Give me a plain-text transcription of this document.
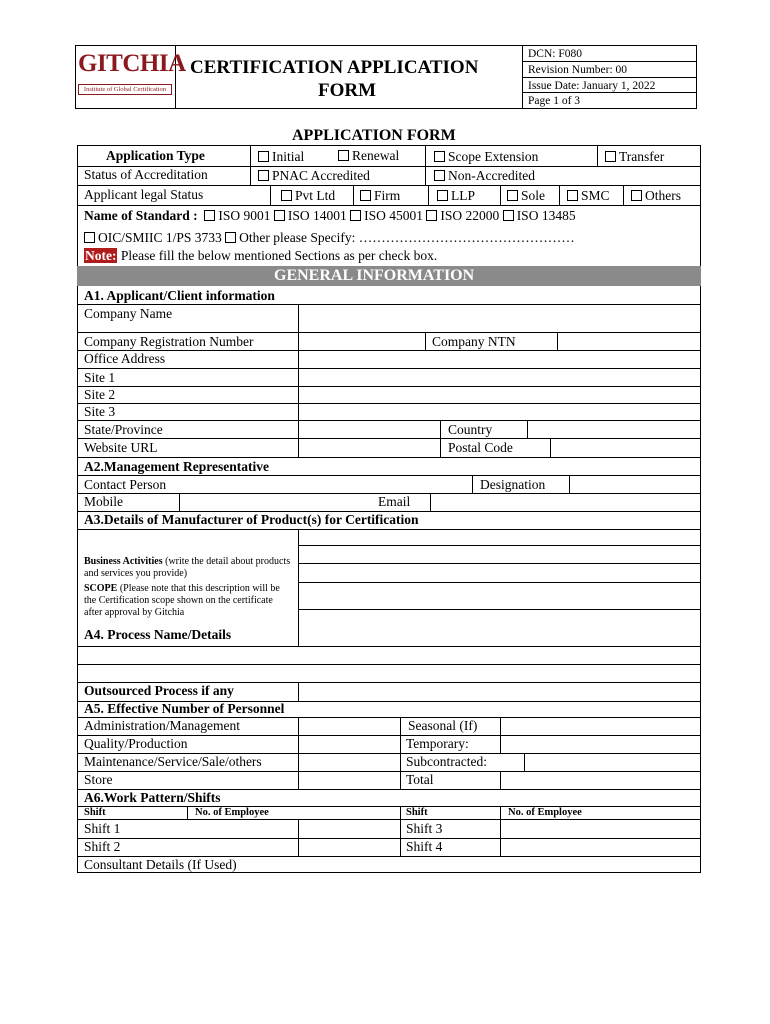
GITCHIA
Institute of Global Certification
CERTIFICATION APPLICATION
FORM
DCN: F080
Revision Number: 00
Issue Date: January 1, 2022
Page 1 of 3
APPLICATION FORM
Application Type	Initial	Renewal	Scope Extension	Transfer
Status of Accreditation	PNAC Accredited	Non-Accredited
Applicant legal Status	Pvt Ltd	Firm	LLP	Sole	SMC	Others
Name of Standard : ISO 9001 ISO 14001 ISO 45001 ISO 22000 ISO 13485
OIC/SMIIC 1/PS 3733 Other please Specify: …………………………………………
Note: Please fill the below mentioned Sections as per check box.
GENERAL INFORMATION
A1. Applicant/Client information
Company Name
Company Registration Number	Company NTN
Office Address
Site 1
Site 2
Site 3
State/Province	Country
Website URL	Postal Code
A2.Management Representative
Contact Person	Designation
Mobile	Email
A3.Details of Manufacturer of Product(s) for Certification
Business Activities (write the detail about products and services you provide)
SCOPE (Please note that this description will be the Certification scope shown on the certificate after approval by Gitchia
A4. Process Name/Details
Outsourced Process if any
A5. Effective Number of Personnel
Administration/Management	Seasonal (If)
Quality/Production	Temporary:
Maintenance/Service/Sale/others	Subcontracted:
Store	Total
A6.Work Pattern/Shifts
Shift	No. of Employee	Shift	No. of Employee
Shift 1	Shift 3
Shift 2	Shift 4
Consultant Details (If Used)
